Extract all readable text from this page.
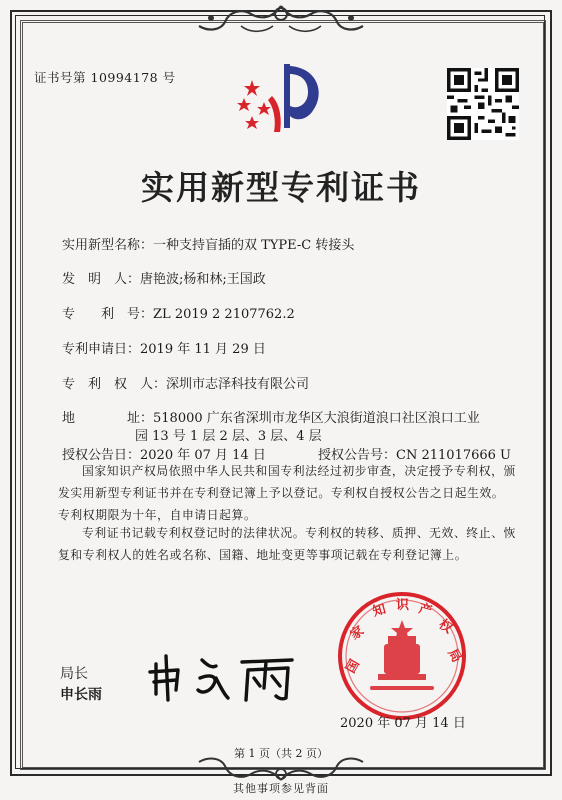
证书号第 10994178 号
实用新型专利证书
实用新型名称：一种支持盲插的双 TYPE-C 转接头
发　明　人：唐艳波;杨和林;王国政
专　　利　号：ZL 2019 2 2107762.2
专利申请日：2019 年 11 月 29 日
专　利　权　人：深圳市志泽科技有限公司
地　　　　址：518000 广东省深圳市龙华区大浪街道浪口社区浪口工业
园 13 号 1 层 2 层、3 层、4 层
授权公告日：2020 年 07 月 14 日	授权公告号：CN 211017666 U
国家知识产权局依照中华人民共和国专利法经过初步审查，决定授予专利权，颁发实用新型专利证书并在专利登记簿上予以登记。专利权自授权公告之日起生效。专利权期限为十年，自申请日起算。
专利证书记载专利权登记时的法律状况。专利权的转移、质押、无效、终止、恢复和专利权人的姓名或名称、国籍、地址变更等事项记载在专利登记簿上。
局长
申长雨
国
家
知 识 产
权
局
2020 年 07 月 14 日
第 1 页（共 2 页）
其他事项参见背面
